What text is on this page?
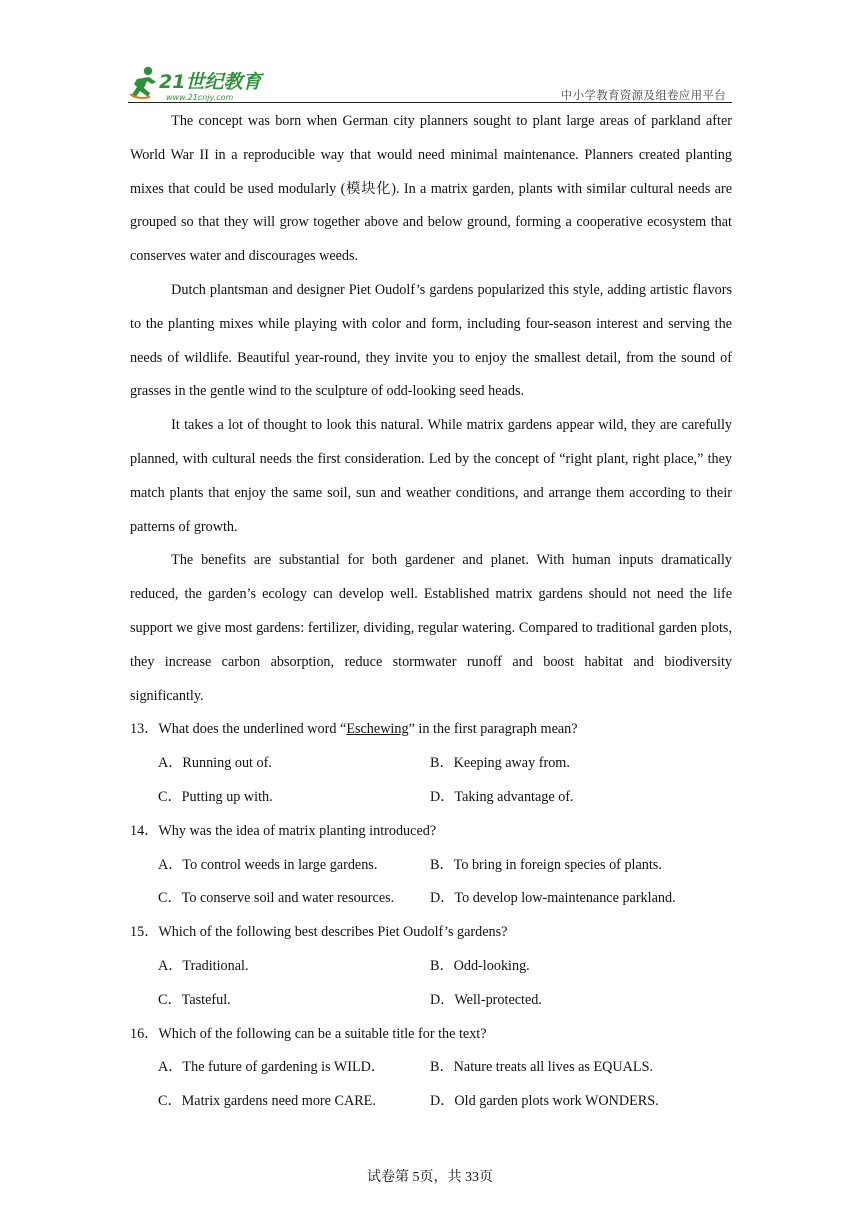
21世纪教育
www.21cnjy.com	中小学教育资源及组卷应用平台

The concept was born when German city planners sought to plant large areas of parkland after World War II in a reproducible way that would need minimal maintenance. Planners created planting mixes that could be used modularly (模块化). In a matrix garden, plants with similar cultural needs are grouped so that they will grow together above and below ground, forming a cooperative ecosystem that conserves water and discourages weeds.

Dutch plantsman and designer Piet Oudolf’s gardens popularized this style, adding artistic flavors to the planting mixes while playing with color and form, including four-season interest and serving the needs of wildlife. Beautiful year-round, they invite you to enjoy the smallest detail, from the sound of grasses in the gentle wind to the sculpture of odd-looking seed heads.

It takes a lot of thought to look this natural. While matrix gardens appear wild, they are carefully planned, with cultural needs the first consideration. Led by the concept of “right plant, right place,” they match plants that enjoy the same soil, sun and weather conditions, and arrange them according to their patterns of growth.

The benefits are substantial for both gardener and planet. With human inputs dramatically reduced, the garden’s ecology can develop well. Established matrix gardens should not need the life support we give most gardens: fertilizer, dividing, regular watering. Compared to traditional garden plots, they increase carbon absorption, reduce stormwater runoff and boost habitat and biodiversity significantly.

13．What does the underlined word “Eschewing” in the first paragraph mean?

A．Running out of.	B．Keeping away from.
C．Putting up with.	D．Taking advantage of.

14．Why was the idea of matrix planting introduced?

A．To control weeds in large gardens.	B．To bring in foreign species of plants.
C．To conserve soil and water resources.	D．To develop low-maintenance parkland.

15．Which of the following best describes Piet Oudolf’s gardens?

A．Traditional.	B．Odd-looking.
C．Tasteful.	D．Well-protected.

16．Which of the following can be a suitable title for the text?

A．The future of gardening is WILD．	B．Nature treats all lives as EQUALS.
C．Matrix gardens need more CARE.	D．Old garden plots work WONDERS.
试卷第 5页，共 33页
